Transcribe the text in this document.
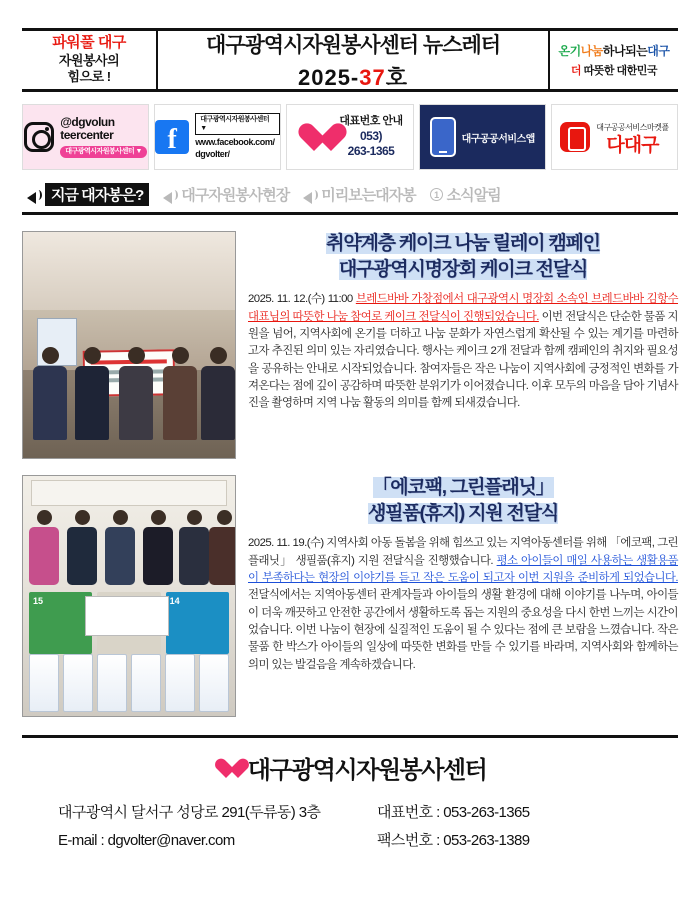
파워풀 대구
자원봉사의
힘으로 !
대구광역시자원봉사센터 뉴스레터
2025-37호
온기나눔하나되는대구
더 따뜻한 대한민국
@dgvolun
teercenter
대구광역시자원봉사센터 ▼ f
대구광역시자원봉사센터 ▼
www.facebook.com/
dgvolter/
대표번호 안내
053)
263-1365
대구공공서비스앱
대구공공서비스마켓플
다대구
지금 대자봉은?	대구자원봉사현장 미리보는대자봉	1 소식알림
취약계층 케이크 나눔 릴레이 캠페인
대구광역시명장회 케이크 전달식
2025. 11. 12.(수) 11:00 브레드바바 가창점에서 대구광역시 명장회 소속인 브레드바바 김항수 대표님의 따뜻한 나눔 참여로 케이크 전달식이 진행되었습니다. 이번 전달식은 단순한 물품 지원을 넘어, 지역사회에 온기를 더하고 나눔 문화가 자연스럽게 확산될 수 있는 계기를 마련하고자 추진된 의미 있는 자리였습니다. 행사는 케이크 2개 전달과 함께 캠페인의 취지와 필요성을 공유하는 안내로 시작되었습니다. 참여자들은 작은 나눔이 지역사회에 긍정적인 변화를 가져온다는 점에 깊이 공감하며 따뜻한 분위기가 이어졌습니다. 이후 모두의 마음을 담아 기념사진을 촬영하며 지역 나눔 활동의 의미를 함께 되새겼습니다.
15	14
「에코팩, 그린플래닛」
생필품(휴지) 지원 전달식
2025. 11. 19.(수) 지역사회 아동 돌봄을 위해 힘쓰고 있는 지역아동센터를 위해 「에코팩, 그린플래닛」 생필품(휴지) 지원 전달식을 진행했습니다. 평소 아이들이 매일 사용하는 생활용품이 부족하다는 현장의 이야기를 듣고 작은 도움이 되고자 이번 지원을 준비하게 되었습니다. 전달식에서는 지역아동센터 관계자들과 아이들의 생활 환경에 대해 이야기를 나누며, 아이들이 더욱 깨끗하고 안전한 공간에서 생활하도록 돕는 지원의 중요성을 다시 한번 느끼는 시간이었습니다. 이번 나눔이 현장에 실질적인 도움이 될 수 있다는 점에 큰 보람을 느꼈습니다. 작은 물품 한 박스가 아이들의 일상에 따뜻한 변화를 만들 수 있기를 바라며, 지역사회와 함께하는 의미 있는 발걸음을 계속하겠습니다.
대구광역시자원봉사센터
대구광역시 달서구 성당로 291(두류동) 3층
E-mail : dgvolter@naver.com
대표번호 : 053-263-1365
팩스번호 : 053-263-1389
